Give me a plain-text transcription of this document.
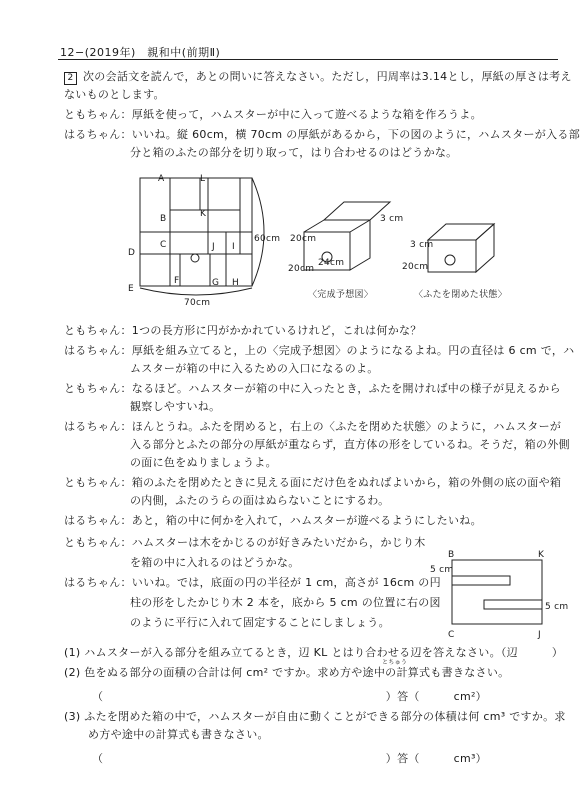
12−(2019年)　親和中(前期Ⅱ)
2 次の会話文を読んで，あとの問いに答えなさい。ただし，円周率は3.14とし，厚紙の厚さは考え
ないものとします。
ともちゃん：厚紙を使って，ハムスターが中に入って遊べるような箱を作ろうよ。
はるちゃん：いいね。縦 60cm，横 70cm の厚紙があるから，下の図のように，ハムスターが入る部
分と箱のふたの部分を切り取って，はり合わせるのはどうかな。
A	L
B	K
C	J I
D
F
E
G H
70cm
60cm
3 cm
20cm
24cm
20cm
〈完成予想図〉
3 cm
20cm
〈ふたを閉めた状態〉
ともちゃん：1つの長方形に円がかかれているけれど，これは何かな？
はるちゃん：厚紙を組み立てると，上の〈完成予想図〉のようになるよね。円の直径は 6 cm で，ハ
ムスターが箱の中に入るための入口になるのよ。
ともちゃん：なるほど。ハムスターが箱の中に入ったとき，ふたを開ければ中の様子が見えるから
観察しやすいね。
はるちゃん：ほんとうね。ふたを閉めると，右上の〈ふたを閉めた状態〉のように，ハムスターが
入る部分とふたの部分の厚紙が重ならず，直方体の形をしているね。そうだ，箱の外側
の面に色をぬりましょうよ。
ともちゃん：箱のふたを閉めたときに見える面にだけ色をぬればよいから，箱の外側の底の面や箱
の内側，ふたのうらの面はぬらないことにするわ。
はるちゃん：あと，箱の中に何かを入れて，ハムスターが遊べるようにしたいね。
ともちゃん：ハムスターは木をかじるのが好きみたいだから，かじり木
を箱の中に入れるのはどうかな。
はるちゃん：いいね。では，底面の円の半径が 1 cm，高さが 16cm の円
柱の形をしたかじり木 2 本を，底から 5 cm の位置に右の図
のように平行に入れて固定することにしましょう。
B	K
C	J
5 cm
5 cm
(1) ハムスターが入る部分を組み立てるとき，辺 KL とはり合わせる辺を答えなさい。（辺　　　）
(2) 色をぬる部分の面積の合計は何 cm² ですか。求め方や途中の計算式も書きなさい。
とちゅう
（　　　　　　　　　　　　　　　　　　　　　　　　　）答（　　　cm²）
(3) ふたを閉めた箱の中で，ハムスターが自由に動くことができる部分の体積は何 cm³ ですか。求
め方や途中の計算式も書きなさい。
（　　　　　　　　　　　　　　　　　　　　　　　　　）答（　　　cm³）
